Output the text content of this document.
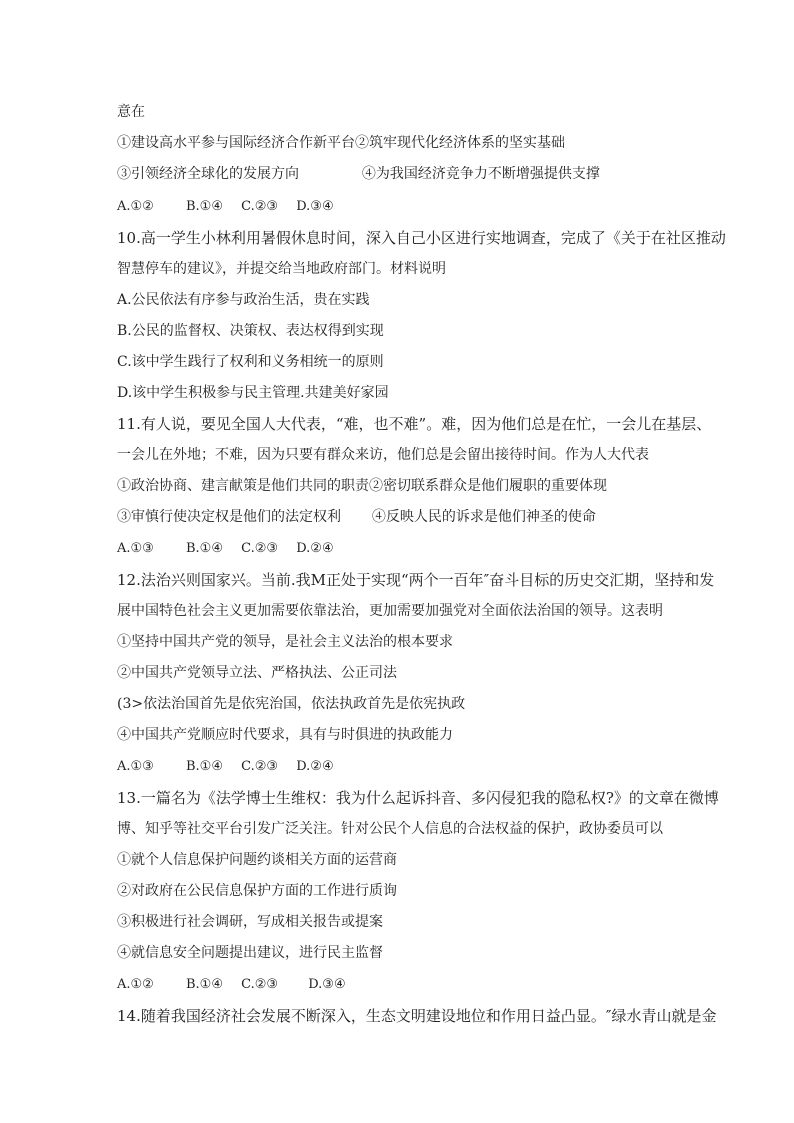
意在
①建设高水平参与国际经济合作新平台②筑牢现代化经济体系的坚实基础
③引领经济全球化的发展方向	④为我国经济竞争力不断增强提供支撑
A.①② B.①④ C.②③ D.③④
10.高一学生小林利用暑假休息时间，深入自己小区进行实地调查，完成了《关于在社区推动
智慧停车的建议》，并提交给当地政府部门。材料说明
A.公民依法有序参与政治生活，贵在实践
B.公民的监督权、决策权、表达权得到实现
C.该中学生践行了权利和义务相统一的原则
D.该中学生积极参与民主管理.共建美好家园
11.有人说，要见全国人大代表，“难，也不难”。难，因为他们总是在忙，一会儿在基层、
一会儿在外地；不难，因为只要有群众来访，他们总是会留出接待时间。作为人大代表
①政治协商、建言献策是他们共同的职责②密切联系群众是他们履职的重要体现
③审慎行使决定权是他们的法定权利 ④反映人民的诉求是他们神圣的使命
A.①③ B.①④ C.②③ D.②④
12.法治兴则国家兴。当前.我M正处于实现“两个一百年″奋斗目标的历史交汇期，坚持和发
展中国特色社会主义更加需要依靠法治，更加需要加强党对全面依法治国的领导。这表明
①坚持中国共产党的领导，是社会主义法治的根本要求
②中国共产党领导立法、严格执法、公正司法
(3>依法治国首先是依宪治国，依法执政首先是依宪执政
④中国共产党顺应时代要求，具有与时俱进的执政能力
A.①③ B.①④ C.②③ D.②④
13.一篇名为《法学博士生维权：我为什么起诉抖音、多闪侵犯我的隐私权?》的文章在微博
博、知乎等社交平台引发广泛关注。针对公民个人信息的合法权益的保护，政协委员可以
①就个人信息保护问题约谈相关方面的运营商
②对政府在公民信息保护方面的工作进行质询
③积极进行社会调研，写成相关报告或提案
④就信息安全问题提出建议，进行民主监督
A.①② B.①④ C.②③ D.③④
14.随着我国经济社会发展不断深入，生态文明建设地位和作用日益凸显。″绿水青山就是金
